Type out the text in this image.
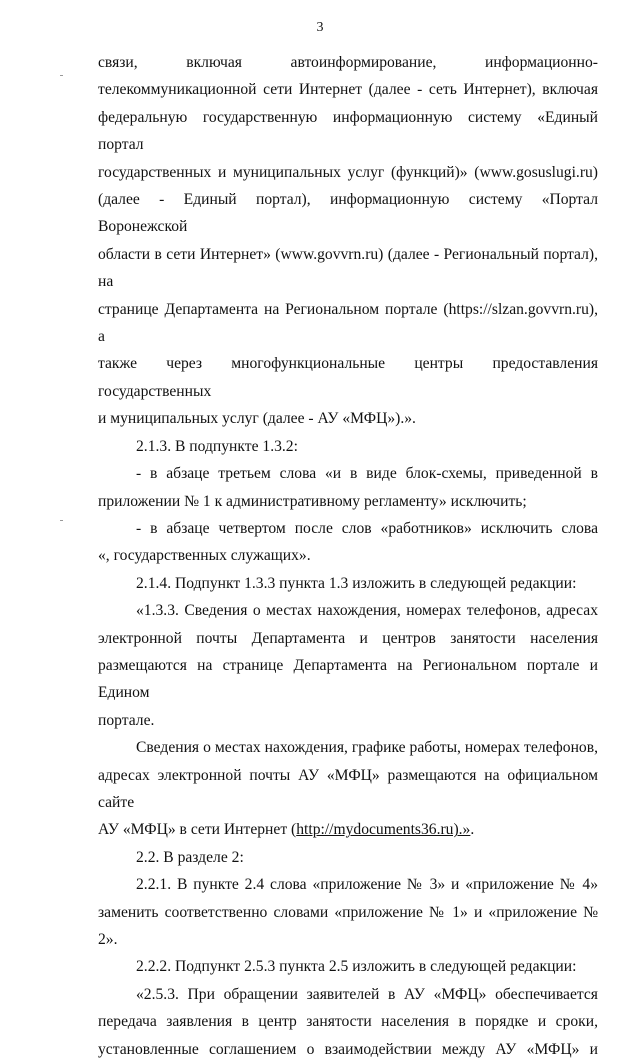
3

связи, включая автоинформирование, информационно-

телекоммуникационной сети Интернет (далее - сеть Интернет), включая

федеральную государственную информационную систему «Единый портал

государственных и муниципальных услуг (функций)» (www.gosuslugi.ru)

(далее - Единый портал), информационную систему «Портал Воронежской

области в сети Интернет» (www.govvrn.ru) (далее - Региональный портал), на

странице Департамента на Региональном портале (https://slzan.govvrn.ru), а

также через многофункциональные центры предоставления государственных

и муниципальных услуг (далее - АУ «МФЦ»).».

2.1.3. В подпункте 1.3.2:

- в абзаце третьем слова «и в виде блок-схемы, приведенной в

приложении № 1 к административному регламенту» исключить;

- в абзаце четвертом после слов «работников» исключить слова

«, государственных служащих».

2.1.4. Подпункт 1.3.3 пункта 1.3 изложить в следующей редакции:

«1.3.3. Сведения о местах нахождения, номерах телефонов, адресах

электронной почты Департамента и центров занятости населения

размещаются на странице Департамента на Региональном портале и Едином

портале.

Сведения о местах нахождения, графике работы, номерах телефонов,

адресах электронной почты АУ «МФЦ» размещаются на официальном сайте

АУ «МФЦ» в сети Интернет (http://mydocuments36.ru).».

2.2. В разделе 2:

2.2.1. В пункте 2.4 слова «приложение № 3» и «приложение № 4»

заменить соответственно словами «приложение № 1» и «приложение № 2».

2.2.2. Подпункт 2.5.3 пункта 2.5 изложить в следующей редакции:

«2.5.3. При обращении заявителей в АУ «МФЦ» обеспечивается

передача заявления в центр занятости населения в порядке и сроки,

установленные соглашением о взаимодействии между АУ «МФЦ» и
